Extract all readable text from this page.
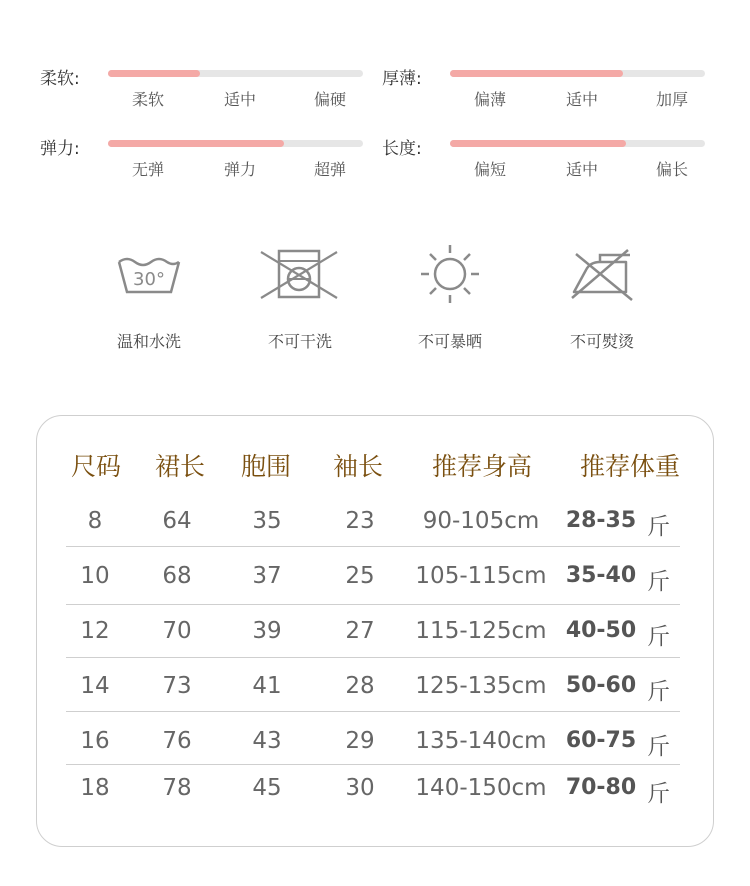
柔软:
柔软	适中	偏硬
厚薄:
偏薄	适中	加厚
弹力:
无弹	弹力	超弹
长度:
偏短	适中	偏长
30°
温和水洗	不可干洗	不可暴晒	不可熨烫
尺码 裙长 胞围 袖长 推荐身高 推荐体重
8	64	35	23 90-105cm 28-35 斤
10 68	37	25 105-115cm 35-40 斤
12 70	39	27 115-125cm 40-50 斤
14 73	41	28 125-135cm 50-60 斤
16 76	43	29 135-140cm 60-75 斤
18 78	45	30 140-150cm 70-80 斤
